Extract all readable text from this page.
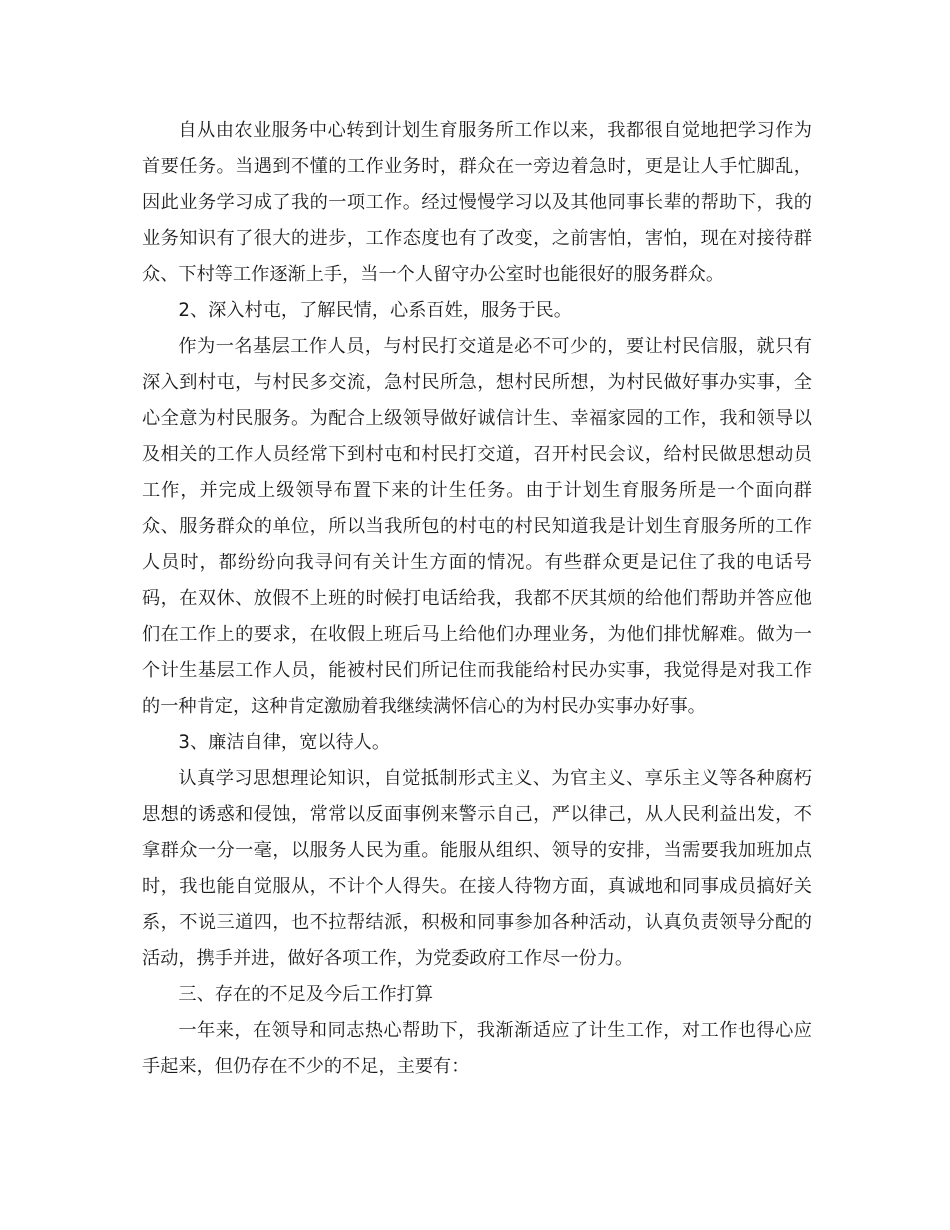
自从由农业服务中心转到计划生育服务所工作以来，我都很自觉地把学习作为首要任务。当遇到不懂的工作业务时，群众在一旁边着急时，更是让人手忙脚乱，因此业务学习成了我的一项工作。经过慢慢学习以及其他同事长辈的帮助下，我的业务知识有了很大的进步，工作态度也有了改变，之前害怕，害怕，现在对接待群众、下村等工作逐渐上手，当一个人留守办公室时也能很好的服务群众。

2、深入村屯，了解民情，心系百姓，服务于民。

作为一名基层工作人员，与村民打交道是必不可少的，要让村民信服，就只有深入到村屯，与村民多交流，急村民所急，想村民所想，为村民做好事办实事，全心全意为村民服务。为配合上级领导做好诚信计生、幸福家园的工作，我和领导以及相关的工作人员经常下到村屯和村民打交道，召开村民会议，给村民做思想动员工作，并完成上级领导布置下来的计生任务。由于计划生育服务所是一个面向群众、服务群众的单位，所以当我所包的村屯的村民知道我是计划生育服务所的工作人员时，都纷纷向我寻问有关计生方面的情况。有些群众更是记住了我的电话号码，在双休、放假不上班的时候打电话给我，我都不厌其烦的给他们帮助并答应他们在工作上的要求，在收假上班后马上给他们办理业务，为他们排忧解难。做为一个计生基层工作人员，能被村民们所记住而我能给村民办实事，我觉得是对我工作的一种肯定，这种肯定激励着我继续满怀信心的为村民办实事办好事。

3、廉洁自律，宽以待人。

认真学习思想理论知识，自觉抵制形式主义、为官主义、享乐主义等各种腐朽思想的诱惑和侵蚀，常常以反面事例来警示自己，严以律己，从人民利益出发，不拿群众一分一毫，以服务人民为重。能服从组织、领导的安排，当需要我加班加点时，我也能自觉服从，不计个人得失。在接人待物方面，真诚地和同事成员搞好关系，不说三道四，也不拉帮结派，积极和同事参加各种活动，认真负责领导分配的活动，携手并进，做好各项工作，为党委政府工作尽一份力。

三、存在的不足及今后工作打算

一年来，在领导和同志热心帮助下，我渐渐适应了计生工作，对工作也得心应手起来，但仍存在不少的不足，主要有：
